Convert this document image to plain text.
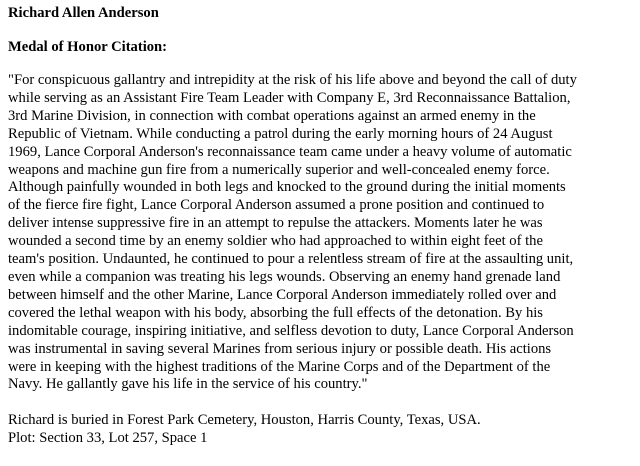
Richard Allen Anderson
Medal of Honor Citation:
"For conspicuous gallantry and intrepidity at the risk of his life above and beyond the call of duty
while serving as an Assistant Fire Team Leader with Company E, 3rd Reconnaissance Battalion,
3rd Marine Division, in connection with combat operations against an armed enemy in the
Republic of Vietnam. While conducting a patrol during the early morning hours of 24 August
1969, Lance Corporal Anderson's reconnaissance team came under a heavy volume of automatic
weapons and machine gun fire from a numerically superior and well-concealed enemy force.
Although painfully wounded in both legs and knocked to the ground during the initial moments
of the fierce fire fight, Lance Corporal Anderson assumed a prone position and continued to
deliver intense suppressive fire in an attempt to repulse the attackers. Moments later he was
wounded a second time by an enemy soldier who had approached to within eight feet of the
team's position. Undaunted, he continued to pour a relentless stream of fire at the assaulting unit,
even while a companion was treating his legs wounds. Observing an enemy hand grenade land
between himself and the other Marine, Lance Corporal Anderson immediately rolled over and
covered the lethal weapon with his body, absorbing the full effects of the detonation. By his
indomitable courage, inspiring initiative, and selfless devotion to duty, Lance Corporal Anderson
was instrumental in saving several Marines from serious injury or possible death. His actions
were in keeping with the highest traditions of the Marine Corps and of the Department of the
Navy. He gallantly gave his life in the service of his country."
Richard is buried in Forest Park Cemetery, Houston, Harris County, Texas, USA.
Plot: Section 33, Lot 257, Space 1
